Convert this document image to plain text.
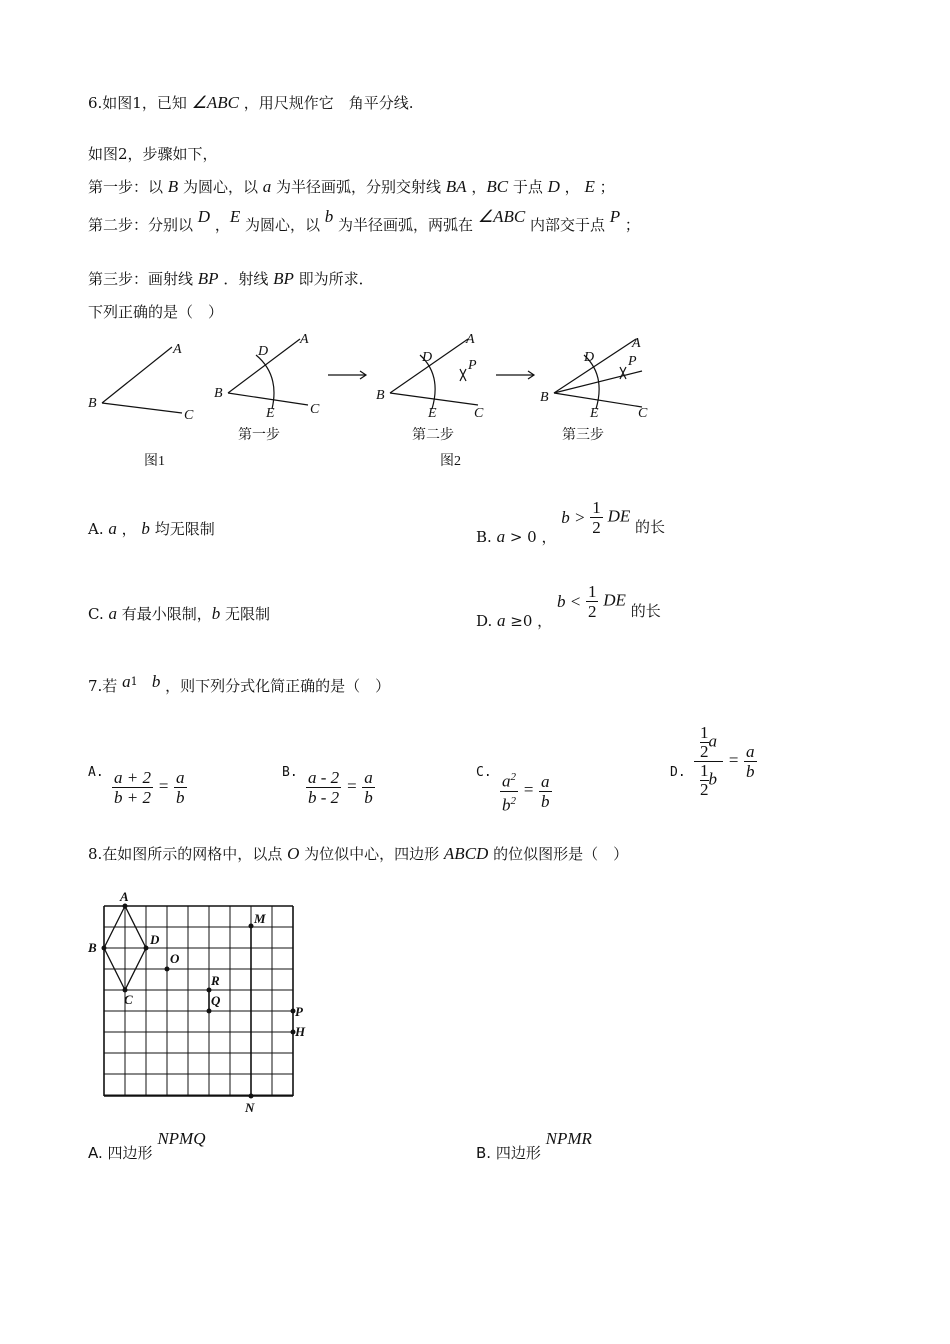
6.如图1，已知 ∠ABC ，用尺规作它　角平分线.
如图2，步骤如下，
第一步：以 B 为圆心，以 a 为半径画弧，分别交射线 BA ，BC 于点 D ， E ；
第二步：分别以 D ，E 为圆心，以 b 为半径画弧，两弧在 ∠ABC 内部交于点 P ；
第三步：画射线 BP ．射线 BP 即为所求．
下列正确的是（　）
A
B
C
A
B
C
D
E
A
B
C
D
E
P
A
B
C
D
E
P
第一步	第二步	第三步
图1	图2
A. a ， b 均无限制	B. a > 0 ， $b > \frac{1}{2}$ DE 的长
C. a 有最小限制，b 无限制	D. a ≥0 ， $b < \frac{1}{2}$ DE 的长
7.若 $a^1$ b ，则下列分式化简正确的是（　）
A. $\frac{a + 2}{b + 2} = \frac{a}{b}$	B. $\frac{a - 2}{b - 2} = \frac{a}{b}$	C. $\frac{a^2}{b^2} = \frac{a}{b}$	D. $\frac{\frac{1}{2} a}{\frac{1}{2} b} = \frac{a}{b}$
8.在如图所示的网格中，以点 O 为位似中心，四边形 ABCD 的位似图形是（　）
A
B
C
D
O
M
R
Q
P
H
N
A. 四边形 NPMQ
B. 四边形 NPMR
